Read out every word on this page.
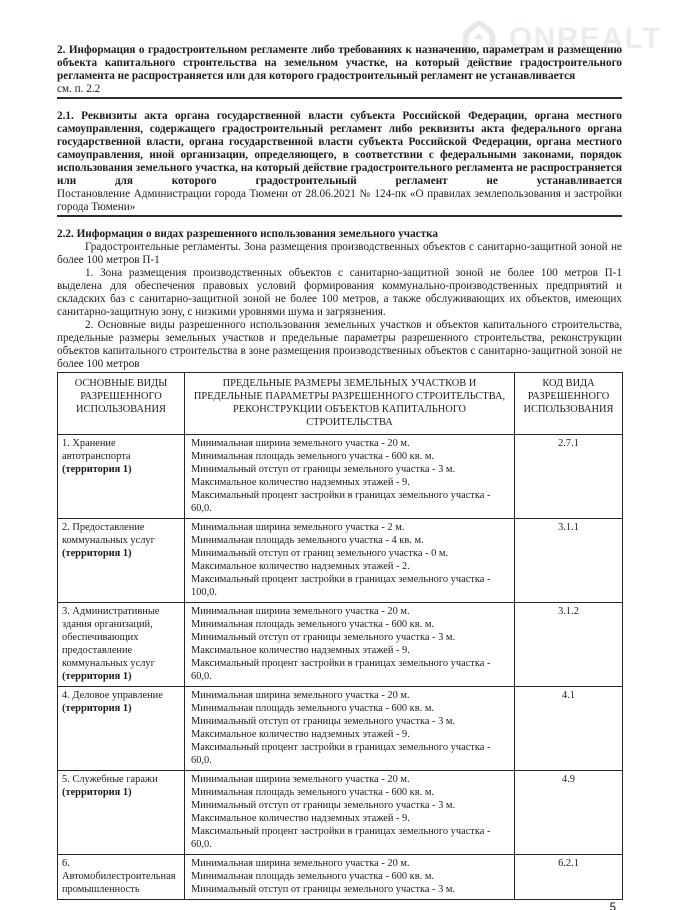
ONREALT

2. Информация о градостроительном регламенте либо требованиях к назначению, параметрам и размещению объекта капитального строительства на земельном участке, на который действие градостроительного регламента не распространяется или для которого градостроительный регламент не устанавливается

см. п. 2.2

2.1. Реквизиты акта органа государственной власти субъекта Российской Федерации, органа местного самоуправления, содержащего градостроительный регламент либо реквизиты акта федерального органа государственной власти, органа государственной власти субъекта Российской Федерации, органа местного самоуправления, иной организации, определяющего, в соответствии с федеральными законами, порядок использования земельного участка, на который действие градостроительного регламента не распространяется или для которого градостроительный регламент не устанавливается

Постановление Администрации города Тюмени от 28.06.2021 № 124-пк «О правилах землепользования и застройки города Тюмени»

2.2. Информация о видах разрешенного использования земельного участка

Градостроительные регламенты. Зона размещения производственных объектов с санитарно-защитной зоной не более 100 метров П-1

1. Зона размещения производственных объектов с санитарно-защитной зоной не более 100 метров П-1 выделена для обеспечения правовых условий формирования коммунально-производственных предприятий и складских баз с санитарно-защитной зоной не более 100 метров, а также обслуживающих их объектов, имеющих санитарно-защитную зону, с низкими уровнями шума и загрязнения.

2. Основные виды разрешенного использования земельных участков и объектов капитального строительства, предельные размеры земельных участков и предельные параметры разрешенного строительства, реконструкции объектов капитального строительства в зоне размещения производственных объектов с санитарно-защитной зоной не более 100 метров

ОСНОВНЫЕ ВИДЫ РАЗРЕШЕННОГО ИСПОЛЬЗОВАНИЯ	ПРЕДЕЛЬНЫЕ РАЗМЕРЫ ЗЕМЕЛЬНЫХ УЧАСТКОВ И ПРЕДЕЛЬНЫЕ ПАРАМЕТРЫ РАЗРЕШЕННОГО СТРОИТЕЛЬСТВА, РЕКОНСТРУКЦИИ ОБЪЕКТОВ КАПИТАЛЬНОГО СТРОИТЕЛЬСТВА	КОД ВИДА РАЗРЕШЕННОГО ИСПОЛЬЗОВАНИЯ

1. Хранение автотранспорта
(территория 1)	Минимальная ширина земельного участка - 20 м.
Минимальная площадь земельного участка - 600 кв. м.
Минимальный отступ от границы земельного участка - 3 м.
Максимальное количество надземных этажей - 9.
Максимальный процент застройки в границах земельного участка - 60,0.	2.7.1

2. Предоставление коммунальных услуг
(территория 1)	Минимальная ширина земельного участка - 2 м.
Минимальная площадь земельного участка - 4 кв. м.
Минимальный отступ от границ земельного участка - 0 м.
Максимальное количество надземных этажей - 2.
Максимальный процент застройки в границах земельного участка - 100,0.	3.1.1

3. Административные здания организаций, обеспечивающих предоставление коммунальных услуг
(территория 1)	Минимальная ширина земельного участка - 20 м.
Минимальная площадь земельного участка - 600 кв. м.
Минимальный отступ от границы земельного участка - 3 м.
Максимальное количество надземных этажей - 9.
Максимальный процент застройки в границах земельного участка - 60,0.	3.1.2

4. Деловое управление
(территория 1)	Минимальная ширина земельного участка - 20 м.
Минимальная площадь земельного участка - 600 кв. м.
Минимальный отступ от границы земельного участка - 3 м.
Максимальное количество надземных этажей - 9.
Максимальный процент застройки в границах земельного участка - 60,0.	4.1

5. Служебные гаражи
(территория 1)	Минимальная ширина земельного участка - 20 м.
Минимальная площадь земельного участка - 600 кв. м.
Минимальный отступ от границы земельного участка - 3 м.
Максимальное количество надземных этажей - 9.
Максимальный процент застройки в границах земельного участка - 60,0.	4.9

6. Автомобилестроительная промышленность	Минимальная ширина земельного участка - 20 м.
Минимальная площадь земельного участка - 600 кв. м.
Минимальный отступ от границы земельного участка - 3 м.	6.2.1
5
